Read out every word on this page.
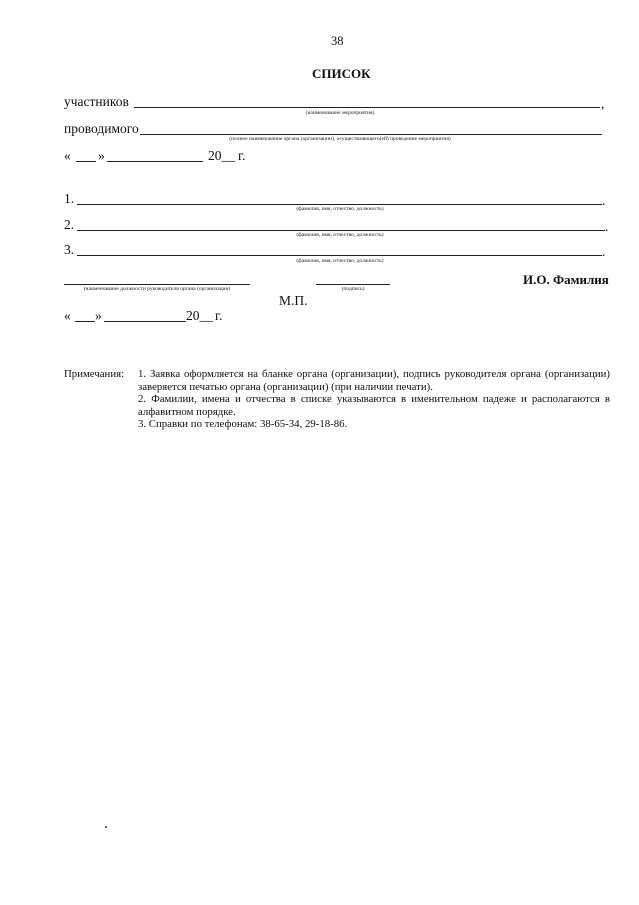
38
СПИСОК
участников	,
(наименование мероприятия)
проводимого
(полное наименование органа (организации), осуществляющего(ей) проведение мероприятия)
« »	20__ г.
1.	.
(фамилия, имя, отчество, должность)
2.	.
(фамилия, имя, отчество, должность)
3.	.
(фамилия, имя, отчество, должность)
(наименование должности руководителя органа (организации)	(подпись)
И.О. Фамилия
М.П.
« »	20__ г.
Примечания: 1. Заявка оформляется на бланке органа (организации), подпись руководителя органа (организации) заверяется печатью органа (организации) (при наличии печати).

2. Фамилии, имена и отчества в списке указываются в именительном падеже и располагаются в алфавитном порядке.

3. Справки по телефонам: 38-65-34, 29-18-86.
